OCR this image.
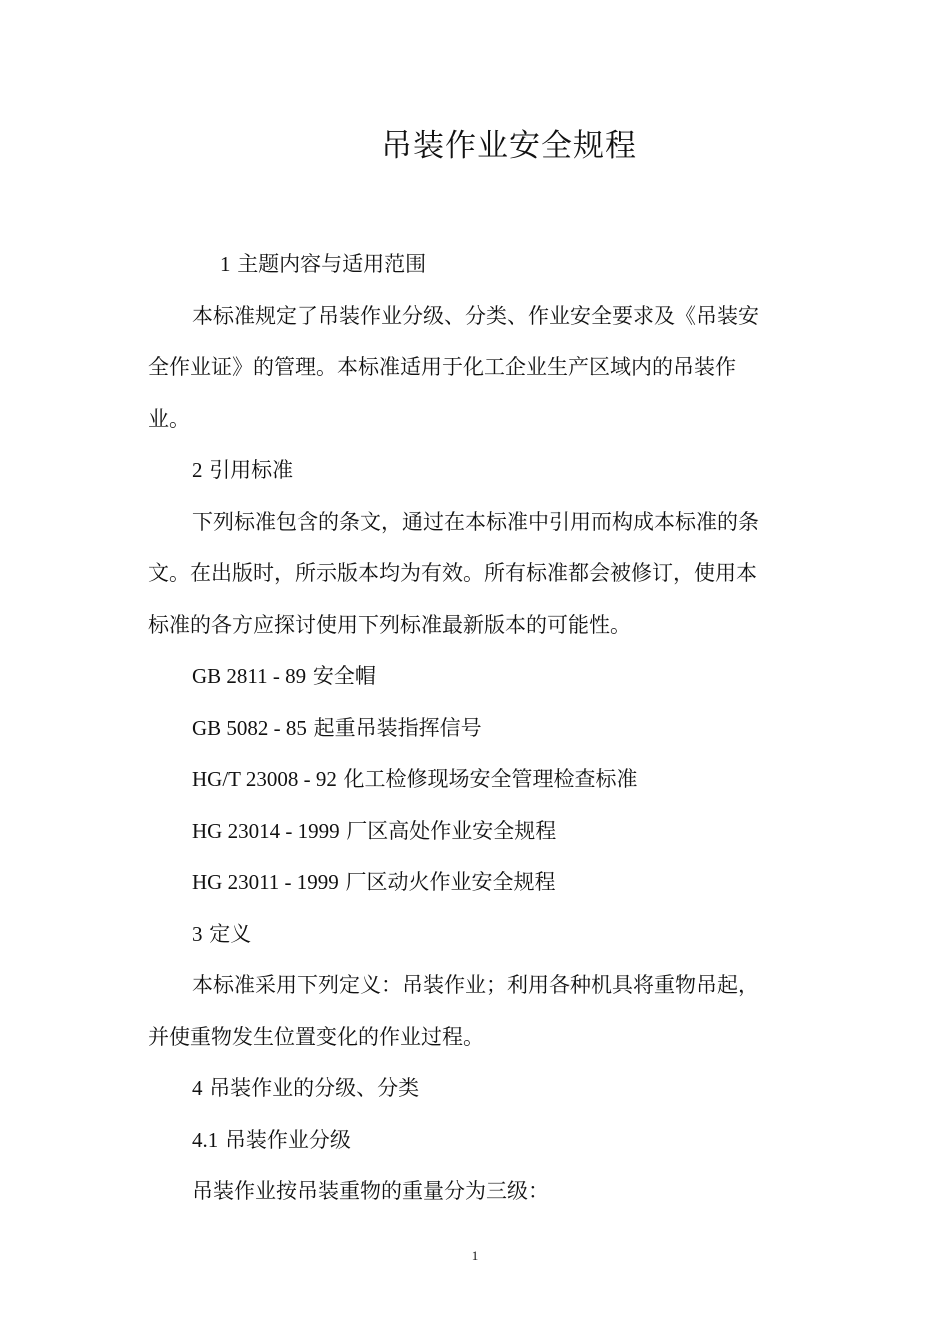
吊装作业安全规程

1 主题内容与适用范围

本标准规定了吊装作业分级、分类、作业安全要求及《吊装安

全作业证》的管理。本标准适用于化工企业生产区域内的吊装作

业。

2 引用标准

下列标准包含的条文，通过在本标准中引用而构成本标准的条

文。在出版时，所示版本均为有效。所有标准都会被修订，使用本

标准的各方应探讨使用下列标准最新版本的可能性。

GB 2811 - 89 安全帽

GB 5082 - 85 起重吊装指挥信号

HG/T 23008 - 92 化工检修现场安全管理检查标准

HG 23014 - 1999 厂区高处作业安全规程

HG 23011 - 1999 厂区动火作业安全规程

3 定义

本标准采用下列定义：吊装作业；利用各种机具将重物吊起，

并使重物发生位置变化的作业过程。

4 吊装作业的分级、分类

4.1 吊装作业分级

吊装作业按吊装重物的重量分为三级：

1
